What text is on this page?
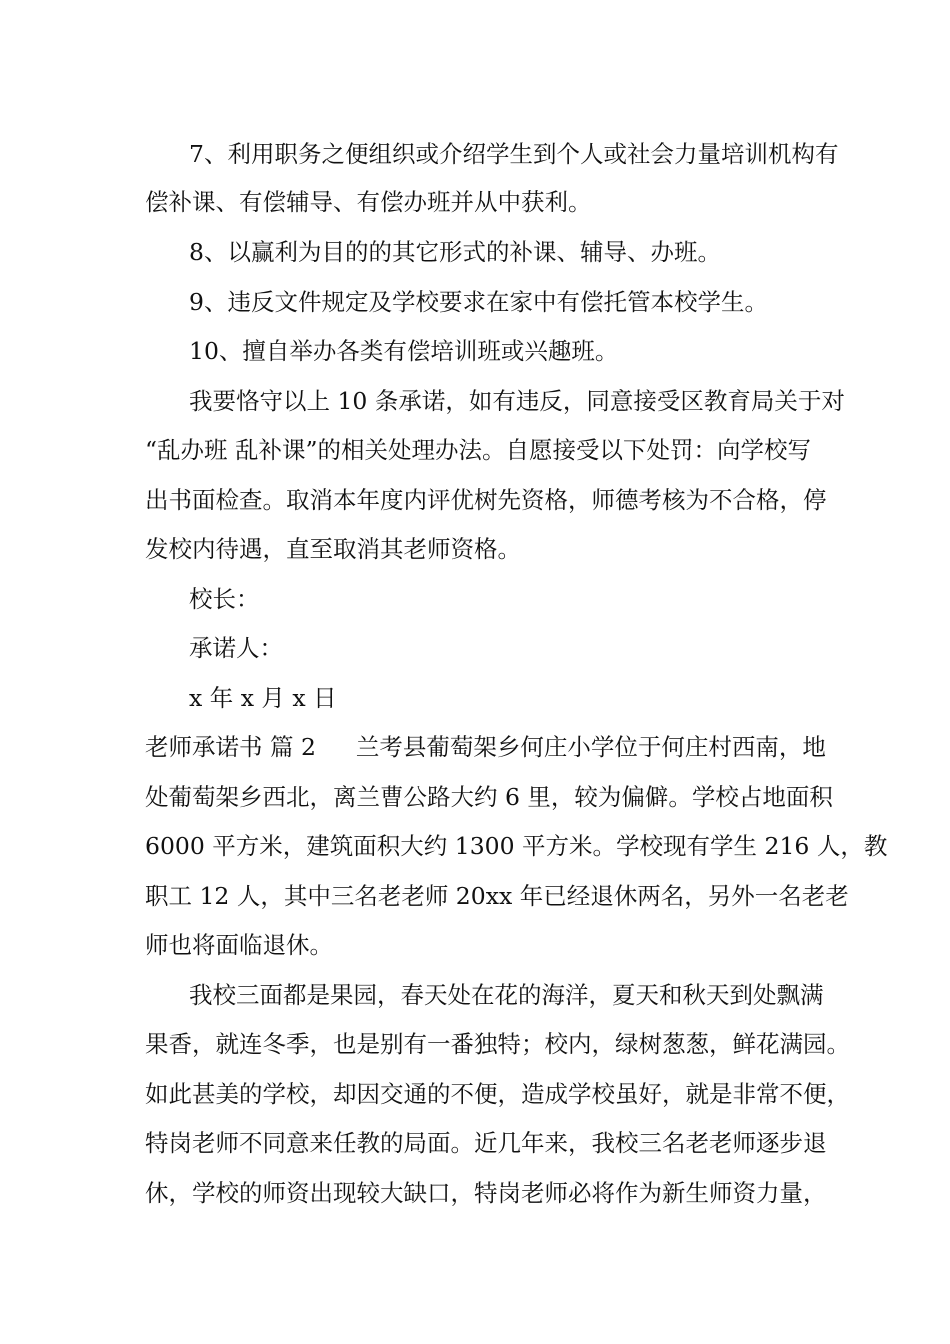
7、利用职务之便组织或介绍学生到个人或社会力量培训机构有
偿补课、有偿辅导、有偿办班并从中获利。
8、以赢利为目的的其它形式的补课、辅导、办班。
9、违反文件规定及学校要求在家中有偿托管本校学生。
10、擅自举办各类有偿培训班或兴趣班。
我要恪守以上 10 条承诺，如有违反，同意接受区教育局关于对
“乱办班 乱补课”的相关处理办法。自愿接受以下处罚：向学校写
出书面检查。取消本年度内评优树先资格，师德考核为不合格，停
发校内待遇，直至取消其老师资格。
校长：
承诺人：
x 年 x 月 x 日
老师承诺书 篇 2 兰考县葡萄架乡何庄小学位于何庄村西南，地
处葡萄架乡西北，离兰曹公路大约 6 里，较为偏僻。学校占地面积
6000 平方米，建筑面积大约 1300 平方米。学校现有学生 216 人，教
职工 12 人，其中三名老老师 20xx 年已经退休两名，另外一名老老
师也将面临退休。
我校三面都是果园，春天处在花的海洋，夏天和秋天到处飘满
果香，就连冬季，也是别有一番独特；校内，绿树葱葱，鲜花满园。
如此甚美的学校，却因交通的不便，造成学校虽好，就是非常不便，
特岗老师不同意来任教的局面。近几年来，我校三名老老师逐步退
休，学校的师资出现较大缺口，特岗老师必将作为新生师资力量，
